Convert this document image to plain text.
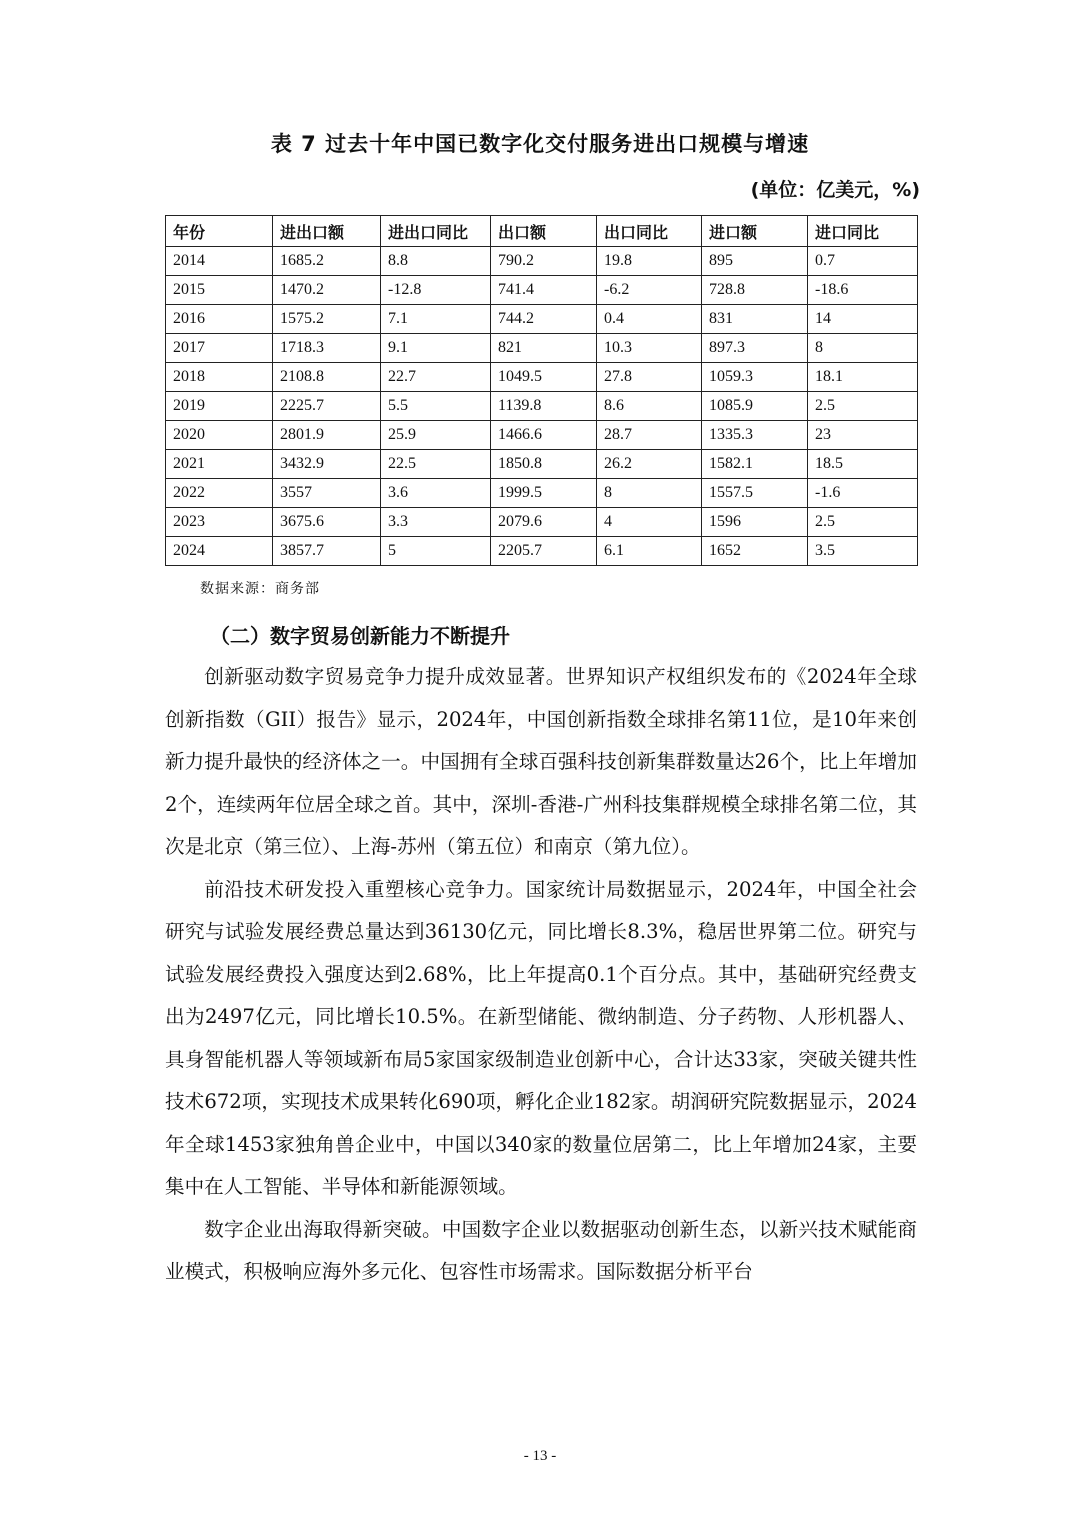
表 7 过去十年中国已数字化交付服务进出口规模与增速
(单位：亿美元，%)
年份	进出口额	进出口同比	出口额	出口同比	进口额	进口同比
2014	1685.2	8.8	790.2	19.8	895	0.7
2015	1470.2	-12.8	741.4	-6.2	728.8	-18.6
2016	1575.2	7.1	744.2	0.4	831	14
2017	1718.3	9.1	821	10.3	897.3	8
2018	2108.8	22.7	1049.5	27.8	1059.3	18.1
2019	2225.7	5.5	1139.8	8.6	1085.9	2.5
2020	2801.9	25.9	1466.6	28.7	1335.3	23
2021	3432.9	22.5	1850.8	26.2	1582.1	18.5
2022	3557	3.6	1999.5	8	1557.5	-1.6
2023	3675.6	3.3	2079.6	4	1596	2.5
2024	3857.7	5	2205.7	6.1	1652	3.5
数据来源：商务部
（二）数字贸易创新能力不断提升

创新驱动数字贸易竞争力提升成效显著。世界知识产权组织发布的《2024年全球创新指数（GII）报告》显示，2024年，中国创新指数全球排名第11位，是10年来创新力提升最快的经济体之一。中国拥有全球百强科技创新集群数量达26个，比上年增加2个，连续两年位居全球之首。其中，深圳-香港-广州科技集群规模全球排名第二位，其次是北京（第三位）、上海-苏州（第五位）和南京（第九位）。

前沿技术研发投入重塑核心竞争力。国家统计局数据显示，2024年，中国全社会研究与试验发展经费总量达到36130亿元，同比增长8.3%，稳居世界第二位。研究与试验发展经费投入强度达到2.68%，比上年提高0.1个百分点。其中，基础研究经费支出为2497亿元，同比增长10.5%。在新型储能、微纳制造、分子药物、人形机器人、具身智能机器人等领域新布局5家国家级制造业创新中心，合计达33家，突破关键共性技术672项，实现技术成果转化690项，孵化企业182家。胡润研究院数据显示，2024年全球1453家独角兽企业中，中国以340家的数量位居第二，比上年增加24家，主要集中在人工智能、半导体和新能源领域。

数字企业出海取得新突破。中国数字企业以数据驱动创新生态，以新兴技术赋能商业模式，积极响应海外多元化、包容性市场需求。国际数据分析平台

- 13 -
